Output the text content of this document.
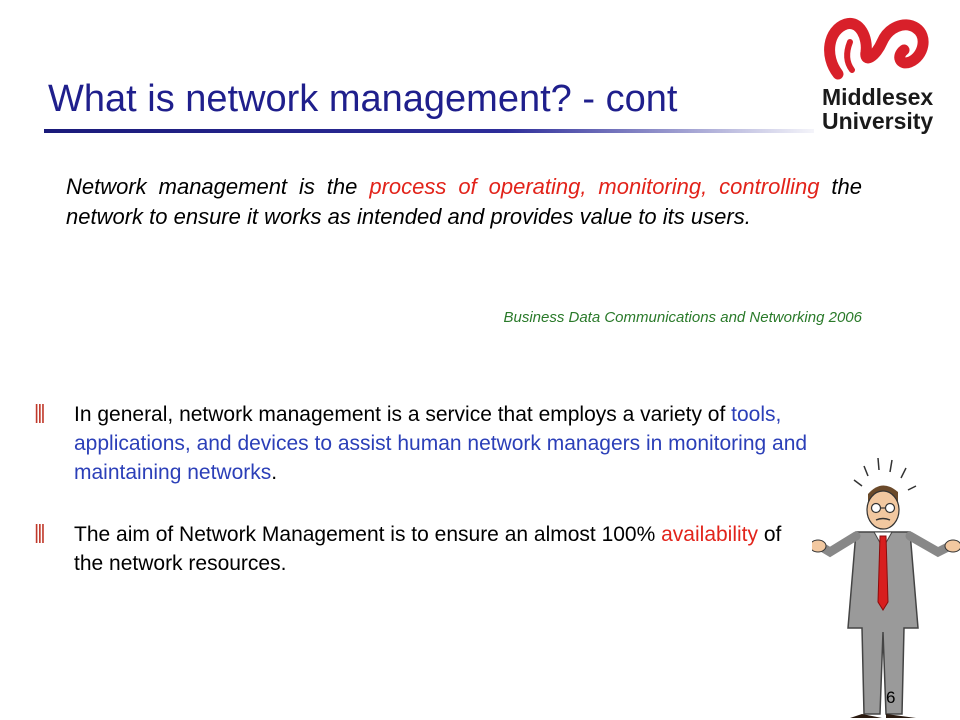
What is network management? - cont	Middlesex
University
Network management is the process of operating, monitoring, controlling the network to ensure it works as intended and provides value to its users.
Business Data Communications and Networking 2006
||| In general, network management is a service that employs a variety of tools, applications, and devices to assist human network managers in monitoring and maintaining networks.
||| The aim of Network Management is to ensure an almost 100% availability of the network resources.
6
